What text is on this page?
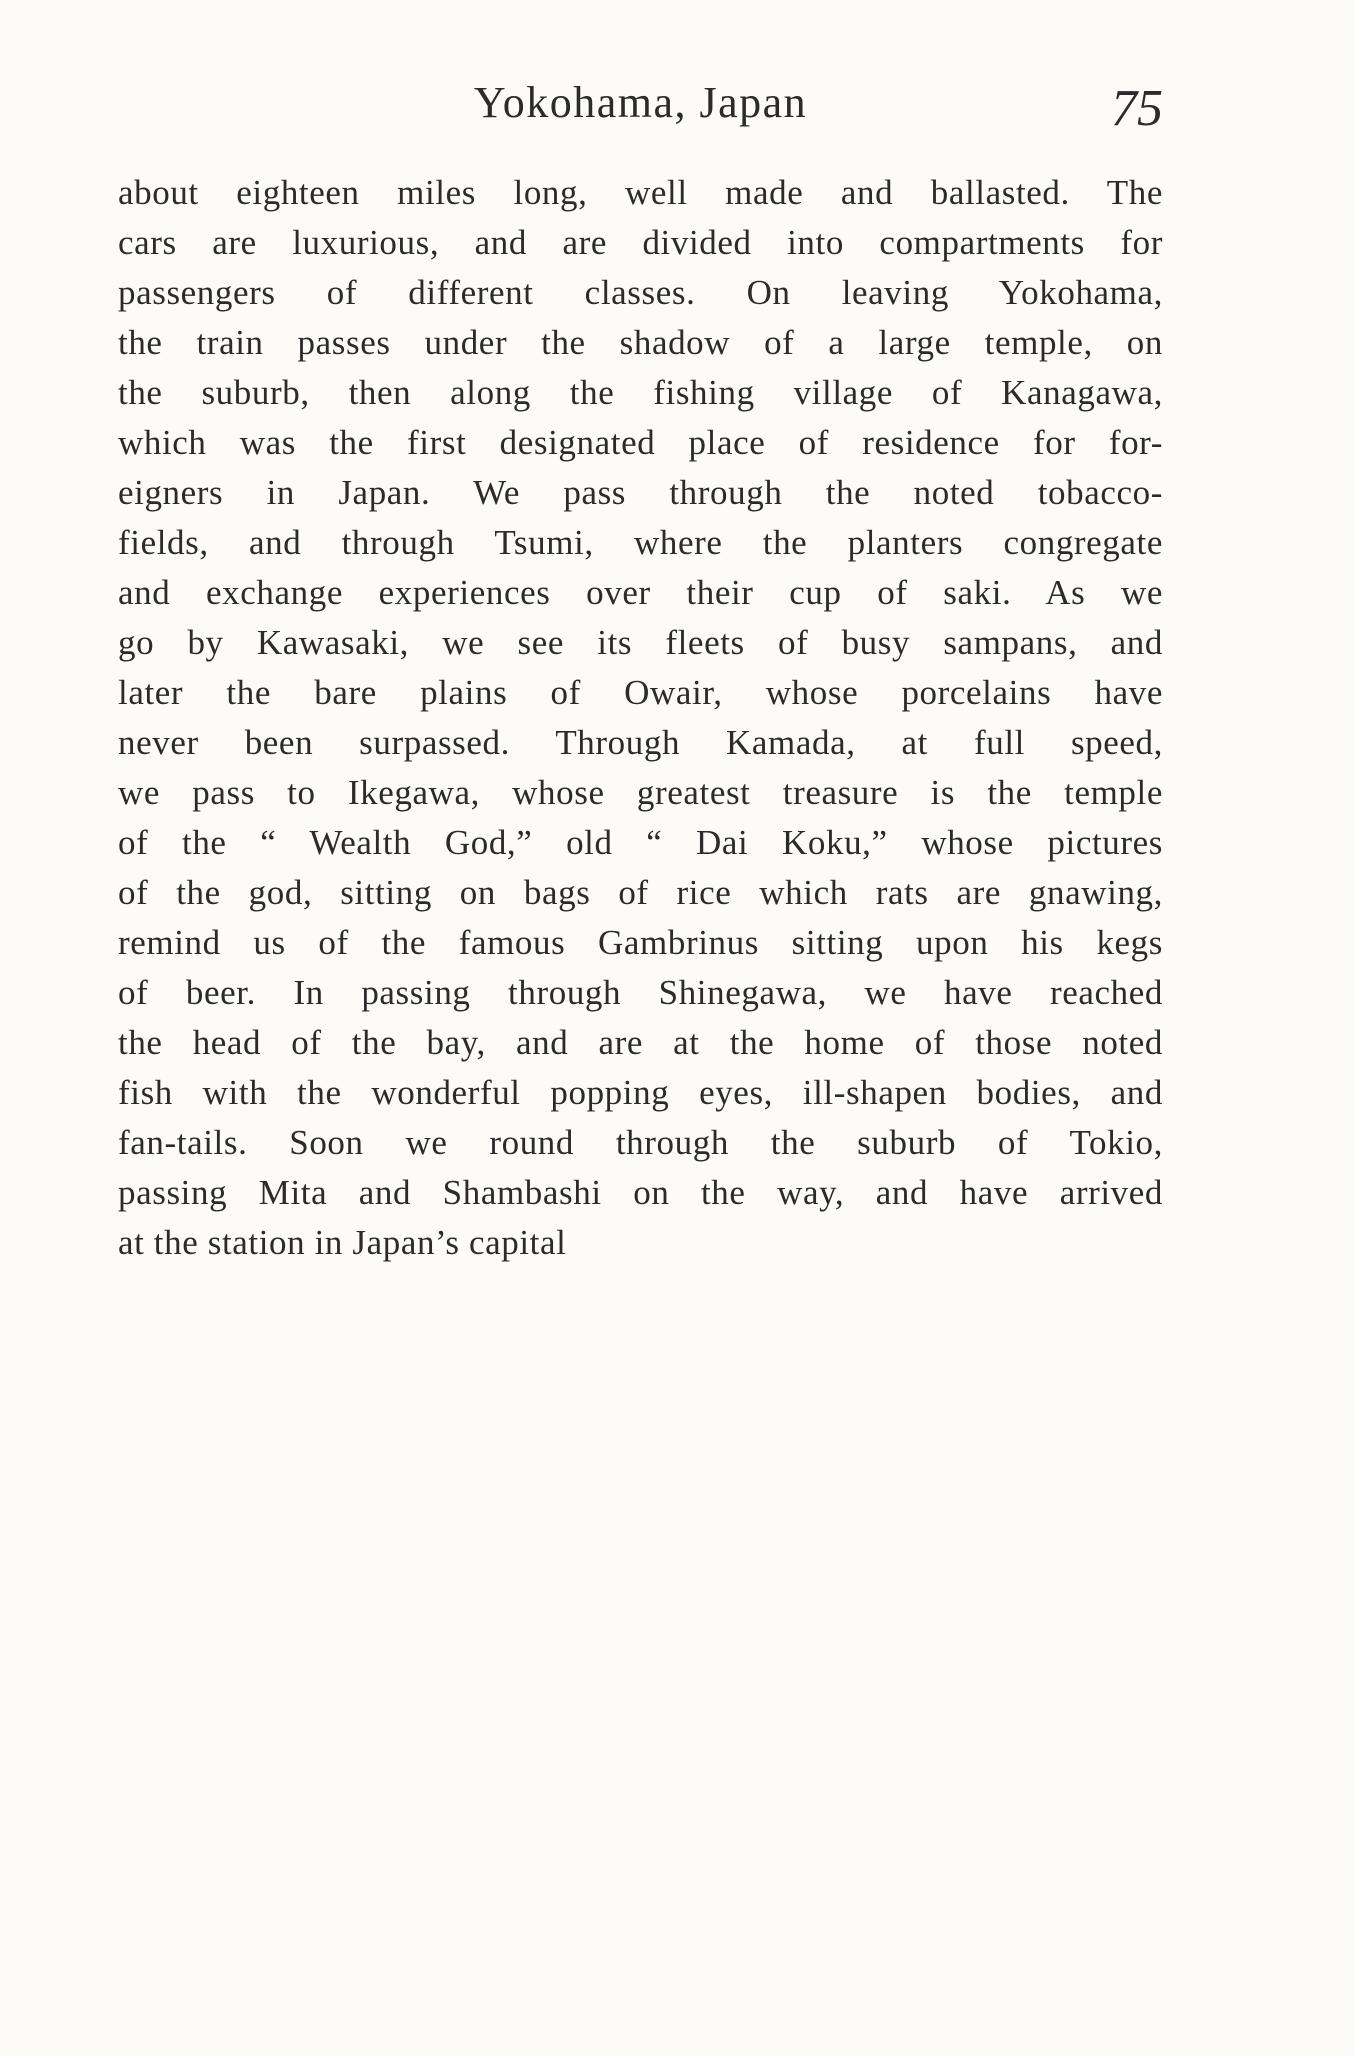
Yokohama, Japan	75
about eighteen miles long, well made and ballasted. The
cars are luxurious, and are divided into compartments for
passengers of different classes. On leaving Yokohama,
the train passes under the shadow of a large temple, on
the suburb, then along the fishing village of Kanagawa,
which was the first designated place of residence for for-
eigners in Japan. We pass through the noted tobacco-
fields, and through Tsumi, where the planters congregate
and exchange experiences over their cup of saki. As we
go by Kawasaki, we see its fleets of busy sampans, and
later the bare plains of Owair, whose porcelains have
never been surpassed. Through Kamada, at full speed,
we pass to Ikegawa, whose greatest treasure is the temple
of the “ Wealth God,” old “ Dai Koku,” whose pictures
of the god, sitting on bags of rice which rats are gnawing,
remind us of the famous Gambrinus sitting upon his kegs
of beer. In passing through Shinegawa, we have reached
the head of the bay, and are at the home of those noted
fish with the wonderful popping eyes, ill-shapen bodies, and
fan-tails. Soon we round through the suburb of Tokio,
passing Mita and Shambashi on the way, and have arrived
at the station in Japan’s capital
